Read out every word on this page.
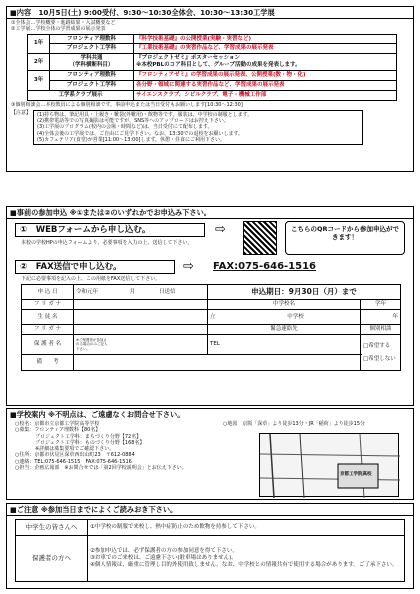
■内容　10月5日(土) 9:00受付、9:30～10:30全体会、10:30～13:30工学展
①全体会…学校概要・進路結果・入試概要など
②工学展…学校全体の学習成果の展示発表
1年	フロンティア理数科	『科学技術基礎』の公開授業(実験・実習など)
	プロジェクト工学科	『工業技術基礎』の実習作品など、学習成果の展示発表
2年	学科共通
（学科横断科目）	『プロジェクトゼミ』ポスターセッション
※本校PBLのコア科目として、グループ活動の成果を発表します。
3年	フロンティア理数科	『フロンティアゼミ』の学習成果の展示発表、公開授業(数・物・化)
	プロジェクト工学科	各分野・領域に関連する実習作品など、学習成果の展示発表
工学系クラブ展示		サイエンスクラブ、シビルクラブ、電子・機械工作部
③個別相談会…本校教員による個別相談です。事前申込または当日受付もお願いします[10:30～12:30]
【注意】	(1)持ち物は、筆記用具・上履き・靴袋(外靴用)・飲物等です。服装は、中学校の制服とします。
(2)携帯電話等での写真撮影は可能ですが、SNS等へのアップロードはお控え下さい。
(3)工学展のプログラム(校内の会場・時間など)は、当日受付にて配布します。
(4)全体会後の工学展では、ご自由にご見学下さい。なお、13:30での退校をお願いします。
(5)カフェテリア(食堂)が営業[11:00～13:00]します。休憩・昼食にご利用下さい。
■事前の参加申込 ※①または②のいずれかでお申込み下さい。
①　WEBフォームから申し込む。	⇨	こちらのQRコードから参加申込ができます！
本校の学校HPの申込フォームより、必要事項を入力の上、送信して下さい。
②　FAX送信で申し込む。	⇨ FAX:075-646-1516
下記に必要事項を記入の上、この用紙をFAX送信して下さい。
申 込 日	令和元年 月 日送信	申込期日：9月30日（月）まで	
フ リ ガ ナ		中学校名	学年
生 徒 名		立 中学校	年
フ リ ガ ナ		緊急連絡先	個別相談
保 護 者 名	※ご保護者が参加される場合のみご記入下さい。	TEL	□希望する
□希望しない

備　　考			
■学校案内 ※不明点は、ご遠慮なくお問合せ下さい。
○校名：京都市立京都工学院高等学校
○募集：フロンティア理数科【80名】
　　　　プロジェクト工学科：まちづくり分野【72名】
　　　　プロジェクト工学科：ものづくり分野【168名】
　　　　※詳細は募集要項でご確認下さい。
○住所：京都市伏見区深草西出山町23　〒612-0884
○連絡：TEL:075-646-1515　FAX:075-646-1516
○担当：企画広報部　※お問合せでは「第2回学校説明会」とお伝え下さい。
○地図　京阪「深草」より徒歩13分・JR「稲荷」より徒歩15分
京都工学院高校
■ご注意 ※参加当日までによくご読みおき下さい。
中学生の皆さんへ	①中学校の制服で来校し、熱中症防止のため飲物を持参して下さい。
保護者の方へ	②参加申込では、必ず保護者の方の参加同意を得て下さい。
③お車でのご来校は、ご遠慮下さい(駐車場はありません)。
④個人情報は、厳重に管理し目的外使用致しません。なお、中学校との情報共有で使用する場合があります。ご了承下さい。
